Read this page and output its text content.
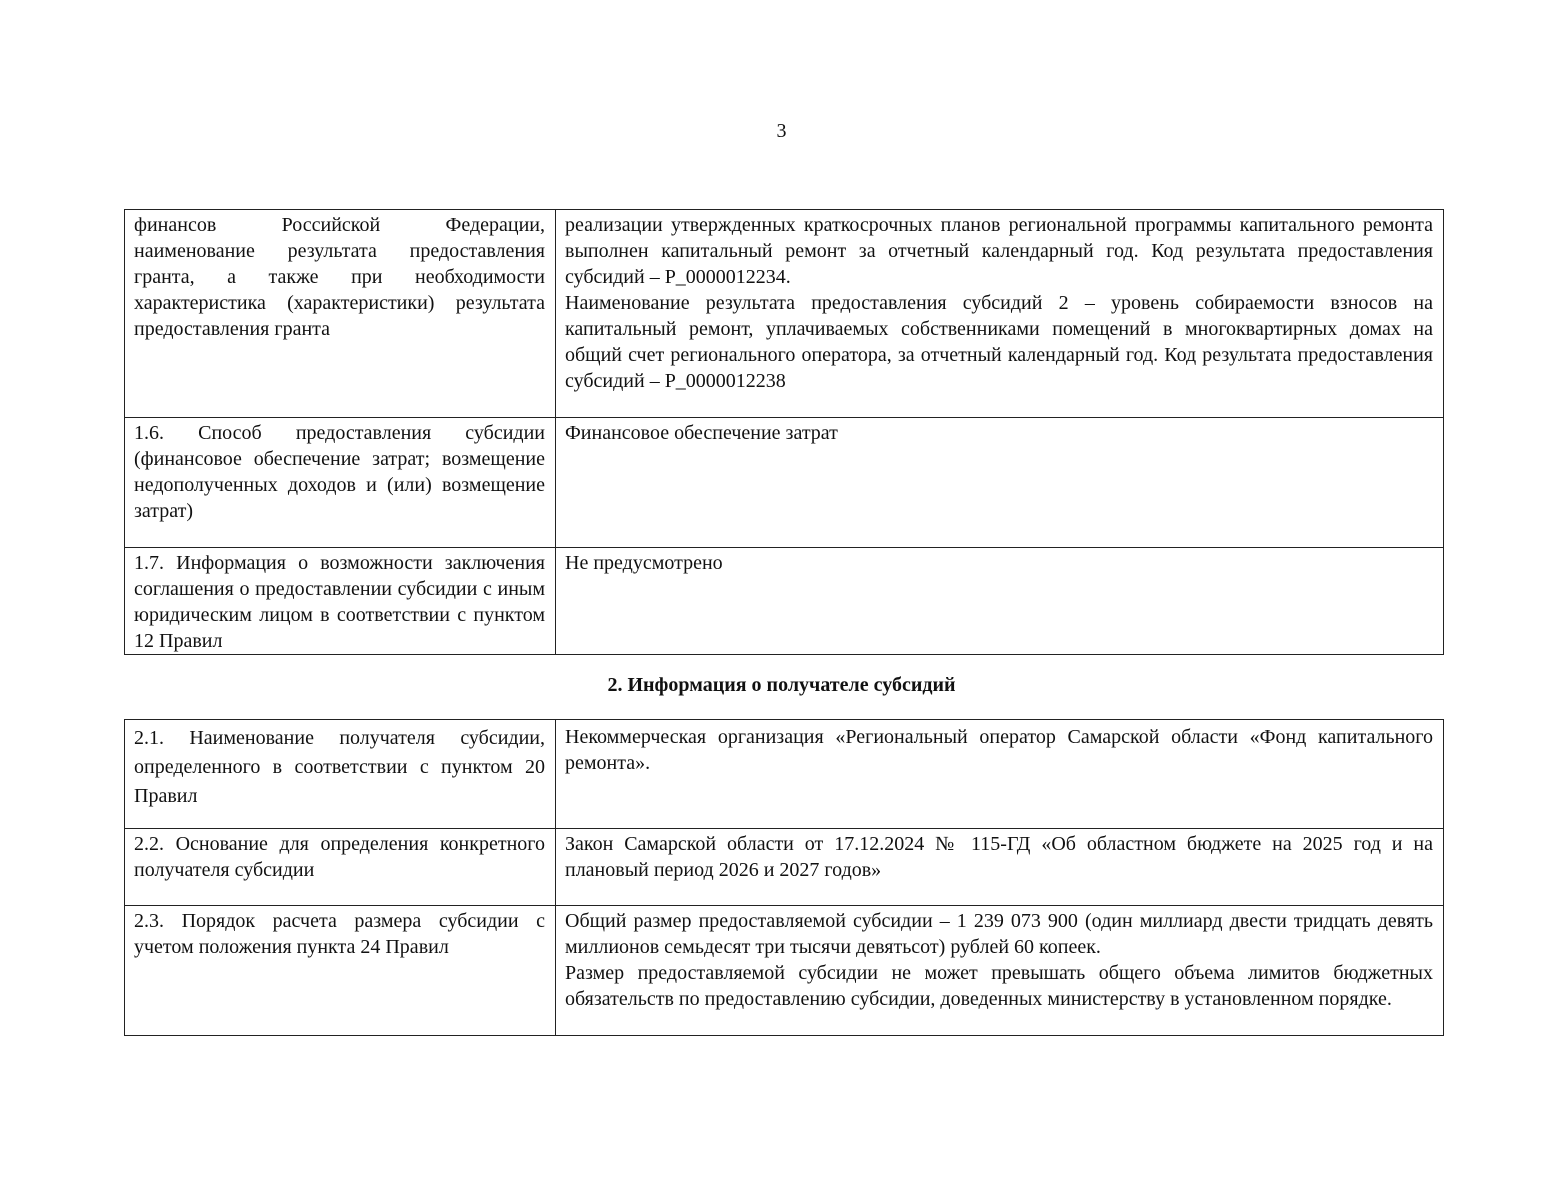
3
финансов Российской Федерации, наименование результата предоставления гранта, а также при необходимости характеристика (характеристики) результата предоставления гранта	реализации утвержденных краткосрочных планов региональной программы капитального ремонта выполнен капитальный ремонт за отчетный календарный год. Код результата предоставления субсидий – P_0000012234.
Наименование результата предоставления субсидий 2 – уровень собираемости взносов на капитальный ремонт, уплачиваемых собственниками помещений в многоквартирных домах на общий счет регионального оператора, за отчетный календарный год. Код результата предоставления субсидий – P_0000012238

1.6. Способ предоставления субсидии (финансовое обеспечение затрат; возмещение недополученных доходов и (или) возмещение затрат)	Финансовое обеспечение затрат

1.7. Информация о возможности заключения соглашения о предоставлении субсидии с иным юридическим лицом в соответствии с пунктом 12 Правил	Не предусмотрено
2. Информация о получателе субсидий
2.1. Наименование получателя субсидии, определенного в соответствии с пунктом 20 Правил	Некоммерческая организация «Региональный оператор Самарской области «Фонд капитального ремонта».

2.2. Основание для определения конкретного получателя субсидии	Закон Самарской области от 17.12.2024 № 115-ГД «Об областном бюджете на 2025 год и на плановый период 2026 и 2027 годов»

2.3. Порядок расчета размера субсидии с учетом положения пункта 24 Правил	Общий размер предоставляемой субсидии – 1 239 073 900 (один миллиард двести тридцать девять миллионов семьдесят три тысячи девятьсот) рублей 60 копеек.
Размер предоставляемой субсидии не может превышать общего объема лимитов бюджетных обязательств по предоставлению субсидии, доведенных министерству в установленном порядке.
